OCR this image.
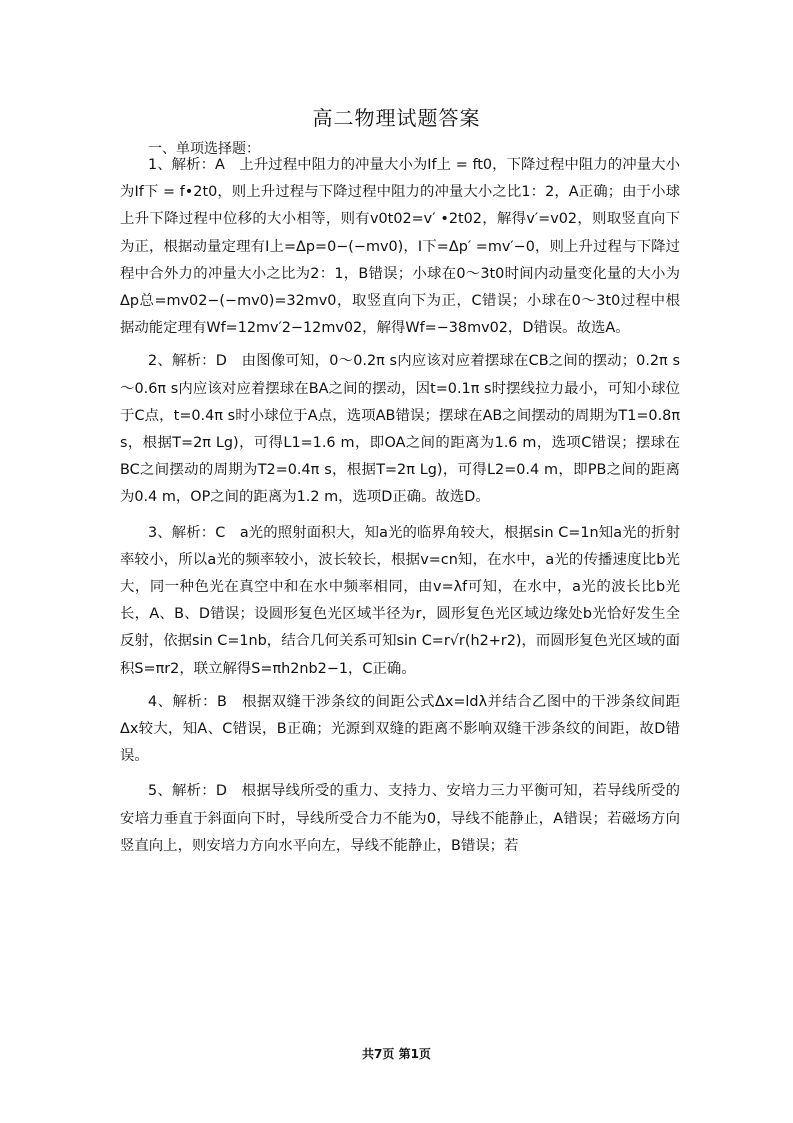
高二物理试题答案
一、单项选择题：

1、解析：A　上升过程中阻力的冲量大小为If上 = ft0，下降过程中阻力的冲量大小为If下 = f•2t0，则上升过程与下降过程中阻力的冲量大小之比1：2，A正确；由于小球上升下降过程中位移的大小相等，则有v0t02=v′ •2t02，解得v′=v02，则取竖直向下为正，根据动量定理有I上=Δp=0−(−mv0)，I下=Δp′ =mv′−0，则上升过程与下降过程中合外力的冲量大小之比为2：1，B错误；小球在0～3t0时间内动量变化量的大小为Δp总=mv02−(−mv0)=32mv0，取竖直向下为正，C错误；小球在0～3t0过程中根据动能定理有Wf=12mv′2−12mv02，解得Wf=−38mv02，D错误。故选A。

2、解析：D　由图像可知，0～0.2π s内应该对应着摆球在CB之间的摆动；0.2π s～0.6π s内应该对应着摆球在BA之间的摆动，因t=0.1π s时摆线拉力最小，可知小球位于C点，t=0.4π s时小球位于A点，选项AB错误；摆球在AB之间摆动的周期为T1=0.8π s，根据T=2π Lg)，可得L1=1.6 m，即OA之间的距离为1.6 m，选项C错误；摆球在BC之间摆动的周期为T2=0.4π s，根据T=2π Lg)，可得L2=0.4 m，即PB之间的距离为0.4 m，OP之间的距离为1.2 m，选项D正确。故选D。

3、解析：C　a光的照射面积大，知a光的临界角较大，根据sin C=1n知a光的折射率较小，所以a光的频率较小，波长较长，根据v=cn知，在水中，a光的传播速度比b光大，同一种色光在真空中和在水中频率相同，由v=λf可知，在水中，a光的波长比b光长，A、B、D错误；设圆形复色光区域半径为r，圆形复色光区域边缘处b光恰好发生全反射，依据sin C=1nb，结合几何关系可知sin C=r√r(h2+r2)，而圆形复色光区域的面积S=πr2，联立解得S=πh2nb2−1，C正确。

4、解析：B　根据双缝干涉条纹的间距公式Δx=ldλ并结合乙图中的干涉条纹间距Δx较大，知A、C错误，B正确；光源到双缝的距离不影响双缝干涉条纹的间距，故D错误。

5、解析：D　根据导线所受的重力、支持力、安培力三力平衡可知，若导线所受的安培力垂直于斜面向下时，导线所受合力不能为0，导线不能静止，A错误；若磁场方向竖直向上，则安培力方向水平向左，导线不能静止，B错误；若

共7页 第1页
